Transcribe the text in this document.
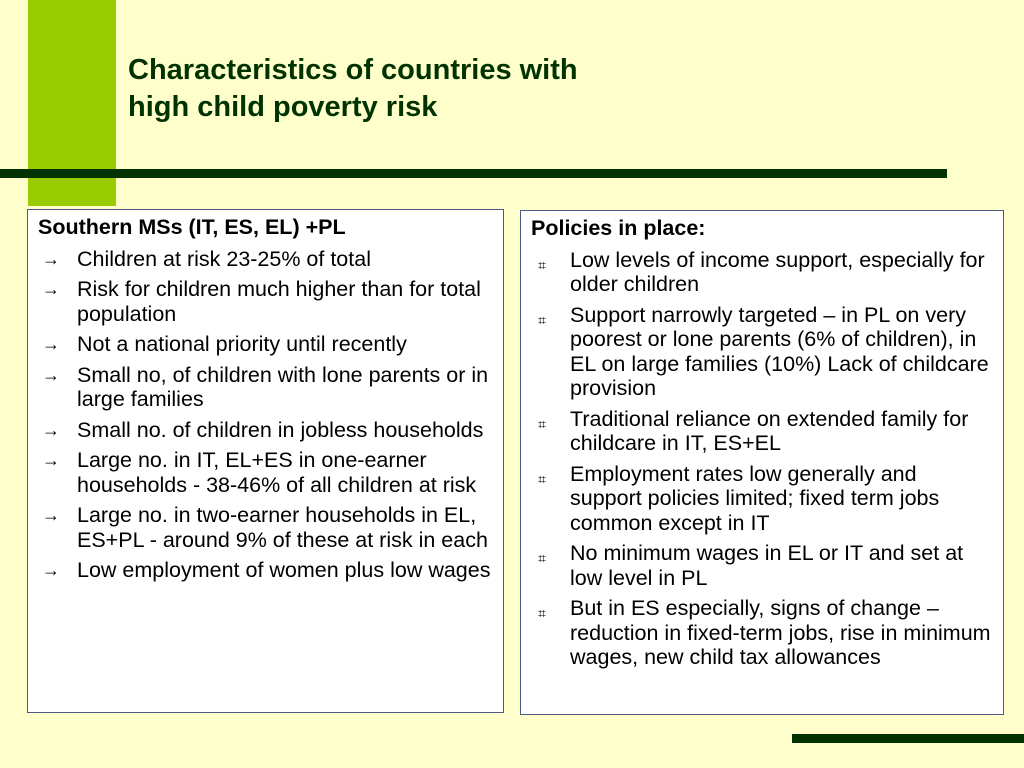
Characteristics of countries with
high child poverty risk
Southern MSs (IT, ES, EL) +PL
→ Children at risk 23-25% of total
→ Risk for children much higher than for total population
→ Not a national priority until recently
→ Small no, of children with lone parents or in large families
→ Small no. of children in jobless households
→ Large no. in IT, EL+ES in one-earner households - 38-46% of all children at risk
→ Large no. in two-earner households in EL, ES+PL - around 9% of these at risk in each
→ Low employment of women plus low wages
Policies in place:
⌗ Low levels of income support, especially for older children
⌗ Support narrowly targeted – in PL on very poorest or lone parents (6% of children), in EL on large families (10%) Lack of childcare provision
⌗ Traditional reliance on extended family for childcare in IT, ES+EL
⌗ Employment rates low generally and support policies limited; fixed term jobs common except in IT
⌗ No minimum wages in EL or IT and set at low level in PL
⌗ But in ES especially, signs of change – reduction in fixed-term jobs, rise in minimum wages, new child tax allowances
